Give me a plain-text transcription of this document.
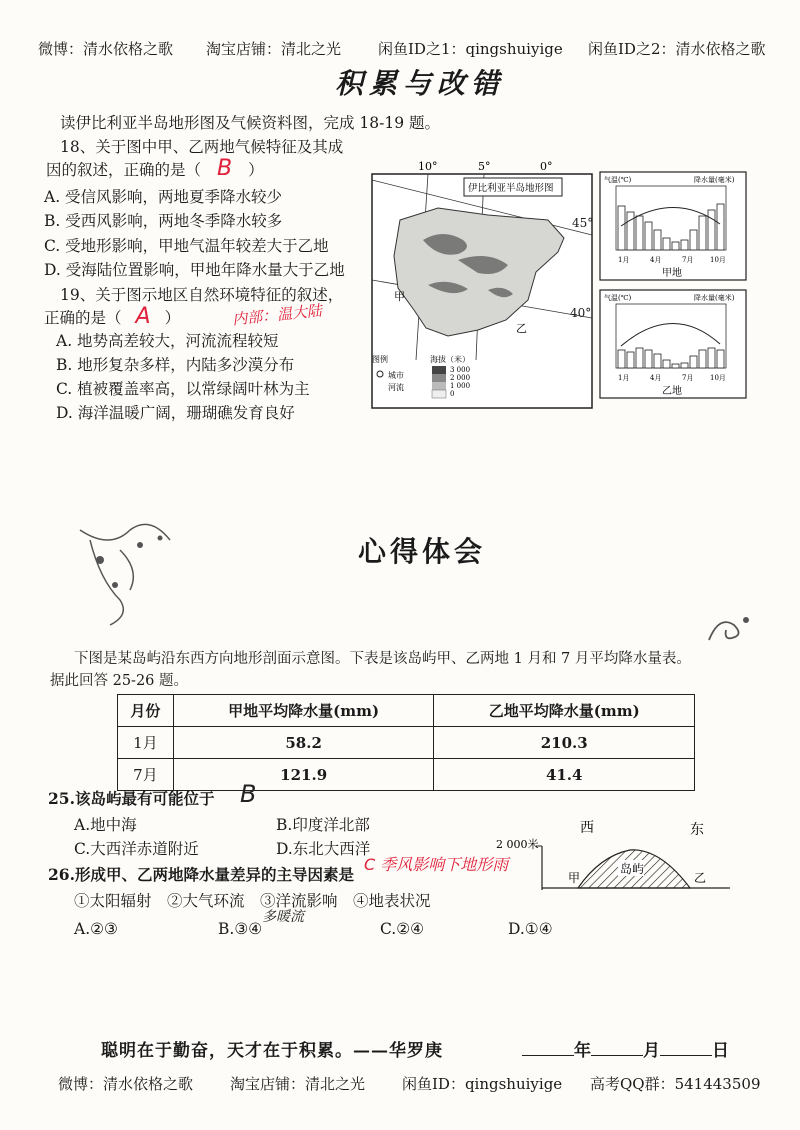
微博：清水依格之歌 淘宝店铺：清北之光 闲鱼ID之1：qingshuiyige 闲鱼ID之2：清水依格之歌
积累与改错
读伊比利亚半岛地形图及气候资料图，完成 18-19 题。
18、关于图中甲、乙两地气候特征及其成
因的叙述，正确的是（ B ）
A. 受信风影响，两地夏季降水较少
B. 受西风影响，两地冬季降水较多
C. 受地形影响，甲地气温年较差大于乙地
D. 受海陆位置影响，甲地年降水量大于乙地
19、关于图示地区自然环境特征的叙述，
正确的是（ A ）	内部：温大陆
A. 地势高差较大，河流流程较短
B. 地形复杂多样，内陆多沙漠分布
C. 植被覆盖率高，以常绿阔叶林为主
D. 海洋温暖广阔，珊瑚礁发育良好
10°	5°	0°
伊比利亚半岛地形图
甲
乙
图例
城市
河流
海拔（米）
3 000
2 000
1 000
0
45°
40°
气温(℃)	降水量(毫米)
1月	4月	7月 10月
甲地
气温(℃)	降水量(毫米)
1月	4月	7月 10月
乙地
心得体会
下图是某岛屿沿东西方向地形剖面示意图。下表是该岛屿甲、乙两地 1 月和 7 月平均降水量表。
据此回答 25-26 题。
月份	甲地平均降水量(mm)	乙地平均降水量(mm)
1月	58.2	210.3
7月	121.9	41.4
25.该岛屿最有可能位于 B
A.地中海	B.印度洋北部
C.大西洋赤道附近	D.东北大西洋
26.形成甲、乙两地降水量差异的主导因素是
C 季风影响下地形雨
①太阳辐射　②大气环流　③洋流影响　④地表状况
多暖流
A.②③	B.③④	C.②④	D.①④
2 000米
西	东
岛屿
甲	乙
聪明在于勤奋，天才在于积累。——华罗庚	年	月	日
微博：清水依格之歌 淘宝店铺：清北之光 闲鱼ID：qingshuiyige 高考QQ群：541443509
